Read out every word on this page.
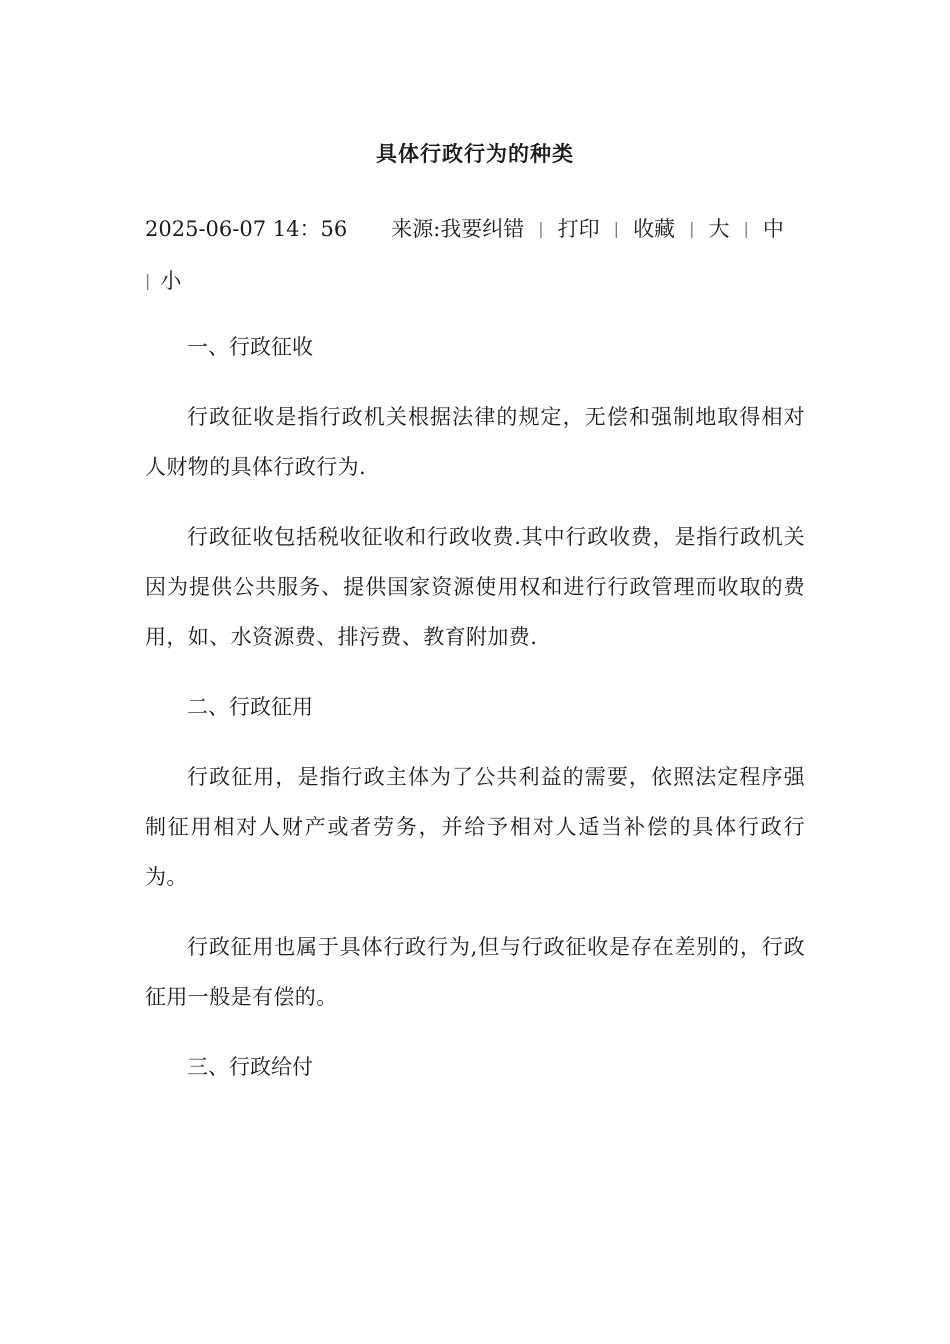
具体行政行为的种类
2025-06-07 14：56 来源:我要纠错 | 打印 | 收藏 | 大 | 中
| 小

一、行政征收

行政征收是指行政机关根据法律的规定，无偿和强制地取得相对人财物的具体行政行为.

行政征收包括税收征收和行政收费.其中行政收费，是指行政机关因为提供公共服务、提供国家资源使用权和进行行政管理而收取的费用，如、水资源费、排污费、教育附加费.

二、行政征用

行政征用，是指行政主体为了公共利益的需要，依照法定程序强制征用相对人财产或者劳务，并给予相对人适当补偿的具体行政行为。

行政征用也属于具体行政行为,但与行政征收是存在差别的，行政征用一般是有偿的。

三、行政给付
